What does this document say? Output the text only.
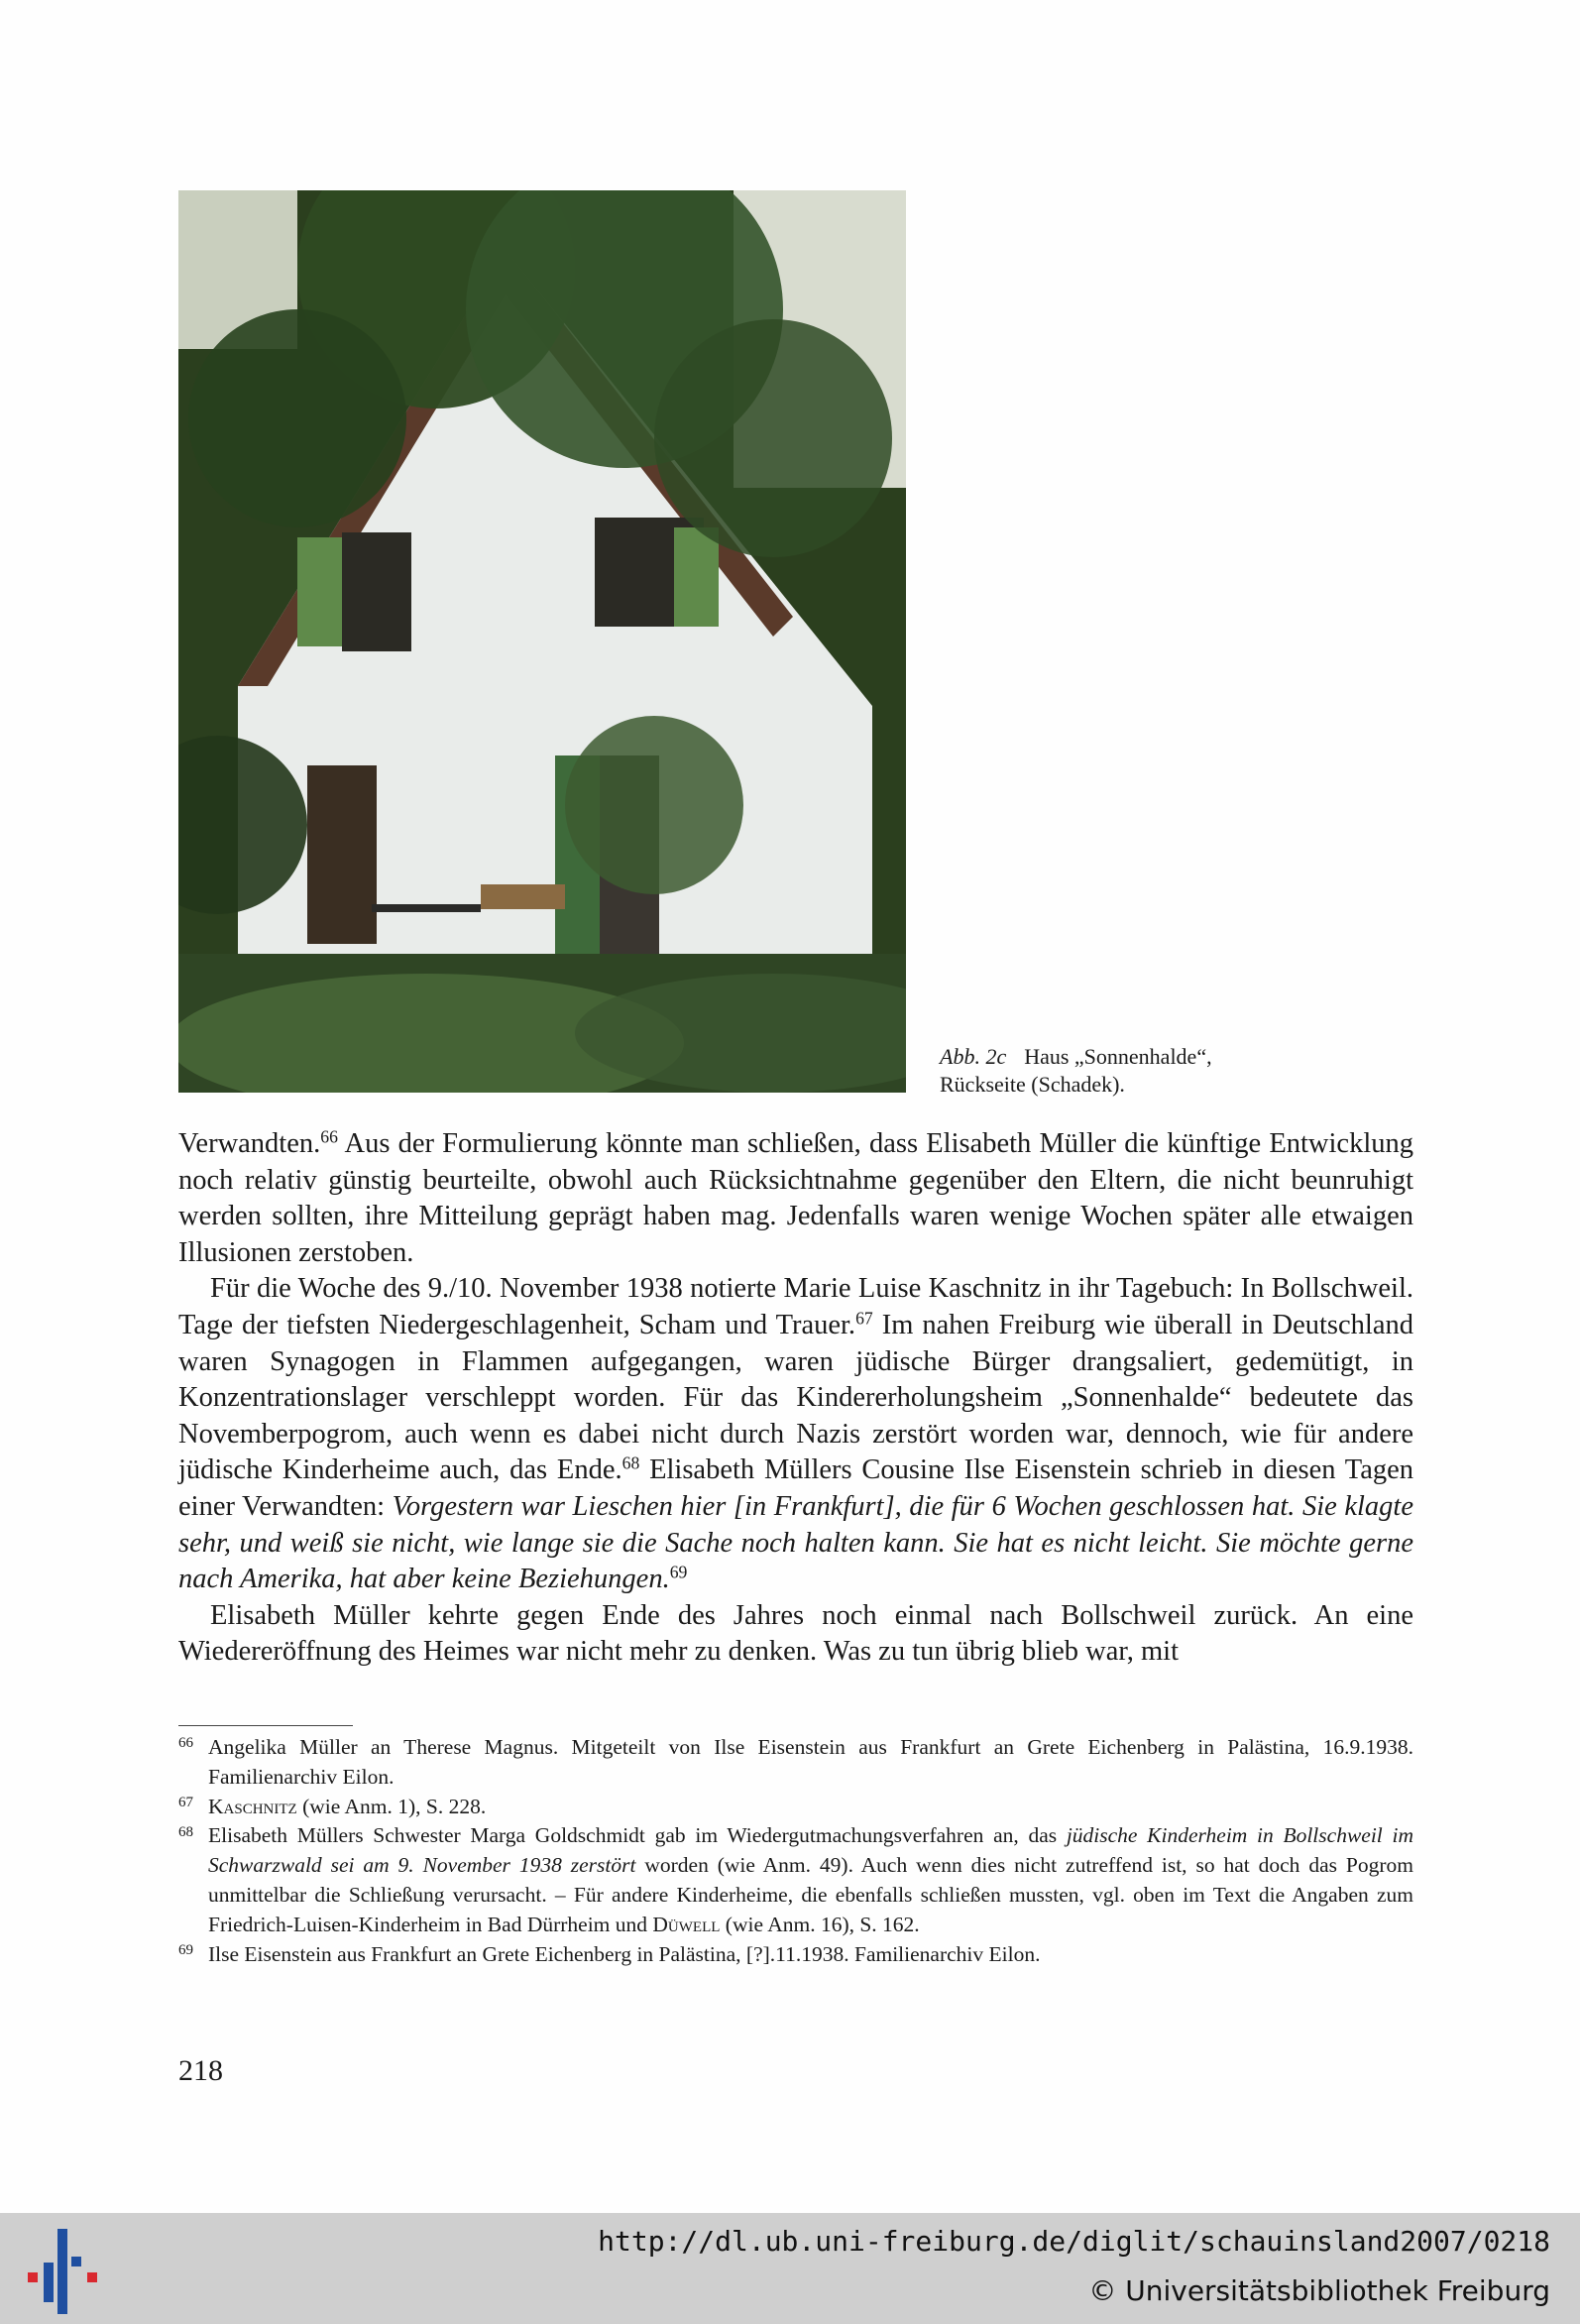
Abb. 2c Haus „Sonnenhalde“,
Rückseite (Schadek).

Verwandten.$^{66}$ Aus der Formulierung könnte man schließen, dass Elisabeth Müller die künftige Entwicklung noch relativ günstig beurteilte, obwohl auch Rücksichtnahme gegenüber den Eltern, die nicht beunruhigt werden sollten, ihre Mitteilung geprägt haben mag. Jedenfalls waren wenige Wochen später alle etwaigen Illusionen zerstoben.

Für die Woche des 9./10. November 1938 notierte Marie Luise Kaschnitz in ihr Tagebuch: In Bollschweil. Tage der tiefsten Niedergeschlagenheit, Scham und Trauer.$^{67}$ Im nahen Freiburg wie überall in Deutschland waren Synagogen in Flammen aufgegangen, waren jüdische Bürger drangsaliert, gedemütigt, in Konzentrationslager verschleppt worden. Für das Kindererholungsheim „Sonnenhalde“ bedeutete das Novemberpogrom, auch wenn es dabei nicht durch Nazis zerstört worden war, dennoch, wie für andere jüdische Kinderheime auch, das Ende.$^{68}$ Elisabeth Müllers Cousine Ilse Eisenstein schrieb in diesen Tagen einer Verwandten: Vorgestern war Lieschen hier [in Frankfurt], die für 6 Wochen geschlossen hat. Sie klagte sehr, und weiß sie nicht, wie lange sie die Sache noch halten kann. Sie hat es nicht leicht. Sie möchte gerne nach Amerika, hat aber keine Beziehungen.$^{69}$

Elisabeth Müller kehrte gegen Ende des Jahres noch einmal nach Bollschweil zurück. An eine Wiedereröffnung des Heimes war nicht mehr zu denken. Was zu tun übrig blieb war, mit

66 Angelika Müller an Therese Magnus. Mitgeteilt von Ilse Eisenstein aus Frankfurt an Grete Eichenberg in Palästina, 16.9.1938. Familienarchiv Eilon.

67 Kaschnitz (wie Anm. 1), S. 228.

68 Elisabeth Müllers Schwester Marga Goldschmidt gab im Wiedergutmachungsverfahren an, das jüdische Kinderheim in Bollschweil im Schwarzwald sei am 9. November 1938 zerstört worden (wie Anm. 49). Auch wenn dies nicht zutreffend ist, so hat doch das Pogrom unmittelbar die Schließung verursacht. – Für andere Kinderheime, die ebenfalls schließen mussten, vgl. oben im Text die Angaben zum Friedrich-Luisen-Kinderheim in Bad Dürrheim und Düwell (wie Anm. 16), S. 162.

69 Ilse Eisenstein aus Frankfurt an Grete Eichenberg in Palästina, [?].11.1938. Familienarchiv Eilon.

218
http://dl.ub.uni-freiburg.de/diglit/schauinsland2007/0218
© Universitätsbibliothek Freiburg
